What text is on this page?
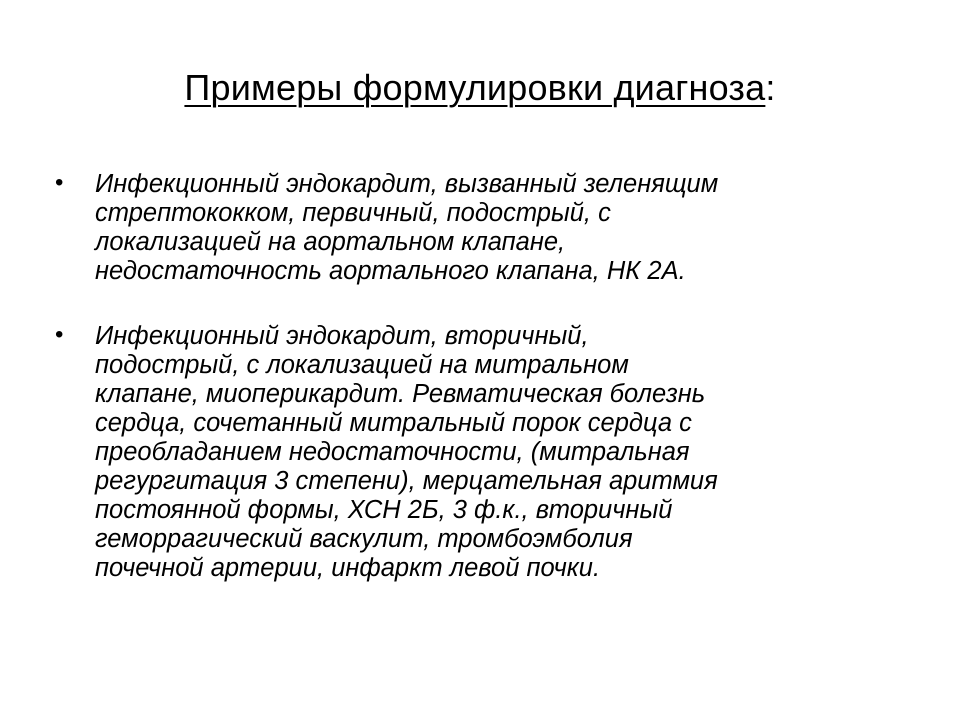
Примеры формулировки диагноза:
• Инфекционный эндокардит, вызванный зеленящим
стрептококком, первичный, подострый, с
локализацией на аортальном клапане,
недостаточность аортального клапана, НК 2А.
• Инфекционный эндокардит, вторичный,
подострый, с локализацией на митральном
клапане, миоперикардит. Ревматическая болезнь
сердца, сочетанный митральный порок сердца с
преобладанием недостаточности, (митральная
регургитация 3 степени), мерцательная аритмия
постоянной формы, ХСН 2Б, 3 ф.к., вторичный
геморрагический васкулит, тромбоэмболия
почечной артерии, инфаркт левой почки.
